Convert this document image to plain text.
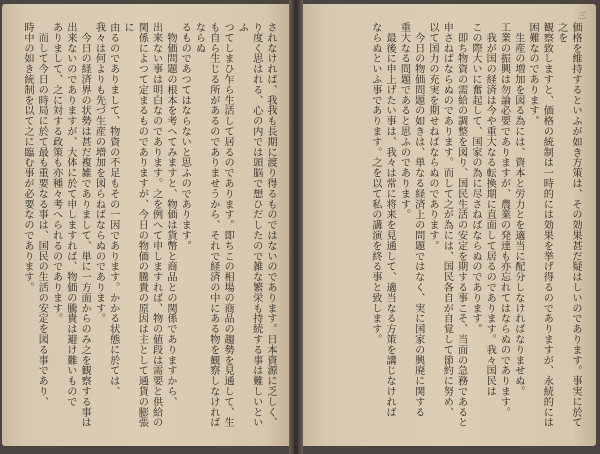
されなければ、我我も長期に渡り得るものではないのであります。日本資源に乏しく、
り度く思はれる、心の内では頭脳で想ひだしたので雑な繁栄も持続する事は難しいといふ
つてしまひ乍ら生活して居るのであります。即ちこの相場の商品の趨勢を見通して、生
も自ら生じる所があるのでありませうから、それで経済の中にある物を観察しなければならぬ
るものであつてはならないと思ふのであります。
　物価問題の根本を考へてみますと、物価は貨幣と商品との関係でありますから、
出来ない事は明白なのであります。之を例へて申しますれば、物の値段は需要と供給の
関係によつて定まるものでありますが、今日の物価の騰貴の原因は主として通貨の膨張に
由るのでありまして、物資の不足もその一因であります。かかる状態に於ては、
我々は何よりも先づ生産の増加を図らねばならぬのであります。
　今日の経済界の状勢は甚だ複雑でありまして、単に一方面からのみ之を観察する事は
出来ないのでありますが、大体に於て申しますれば、物価の騰貴は避け難いもので
ありまして、之に対する政策も亦種々考へられるのであります。
　而して今日の時局に於て最も重要なる事は、国民の生活の安定を図る事であり、
時中の如き統制を以て之に臨む事が必要なのであります。	価格を維持するといふが如き方策は、その効果甚だ疑はしいのであります。事実に於て之を
観察致しますと、価格の統制は一時的には効果を挙げ得るのでありますが、永続的には
困難なのであります。
　生産の増加を図る為には、資本と労力とを適当に配分しなければなりませぬ。
工業の振興は勿論必要でありますが、農業の発達も亦忘れてはならぬのであります。
　我が国の経済は今や重大なる転換期に直面して居るのであります。我々国民は
この際大いに奮起して、国家の為に尽さねばならぬのであります。
　即ち物資の需給の調整を図り、国民生活の安定を期する事こそ、当面の急務であると
申さねばならぬのであります。而して之が為には、国民各自が自覚して節約に努め、
以て国力の充実を期せねばならぬのであります。
　今日の物価問題の如きは、単なる経済上の問題ではなく、実に国家の興廃に関する
重大なる問題であると思ふのであります。
　最後に申上げたい事は、我々は常に将来を見通して、適当なる方策を講じなければ
ならぬといふ事であります。之を以て私の講演を終る事と致します。
三
